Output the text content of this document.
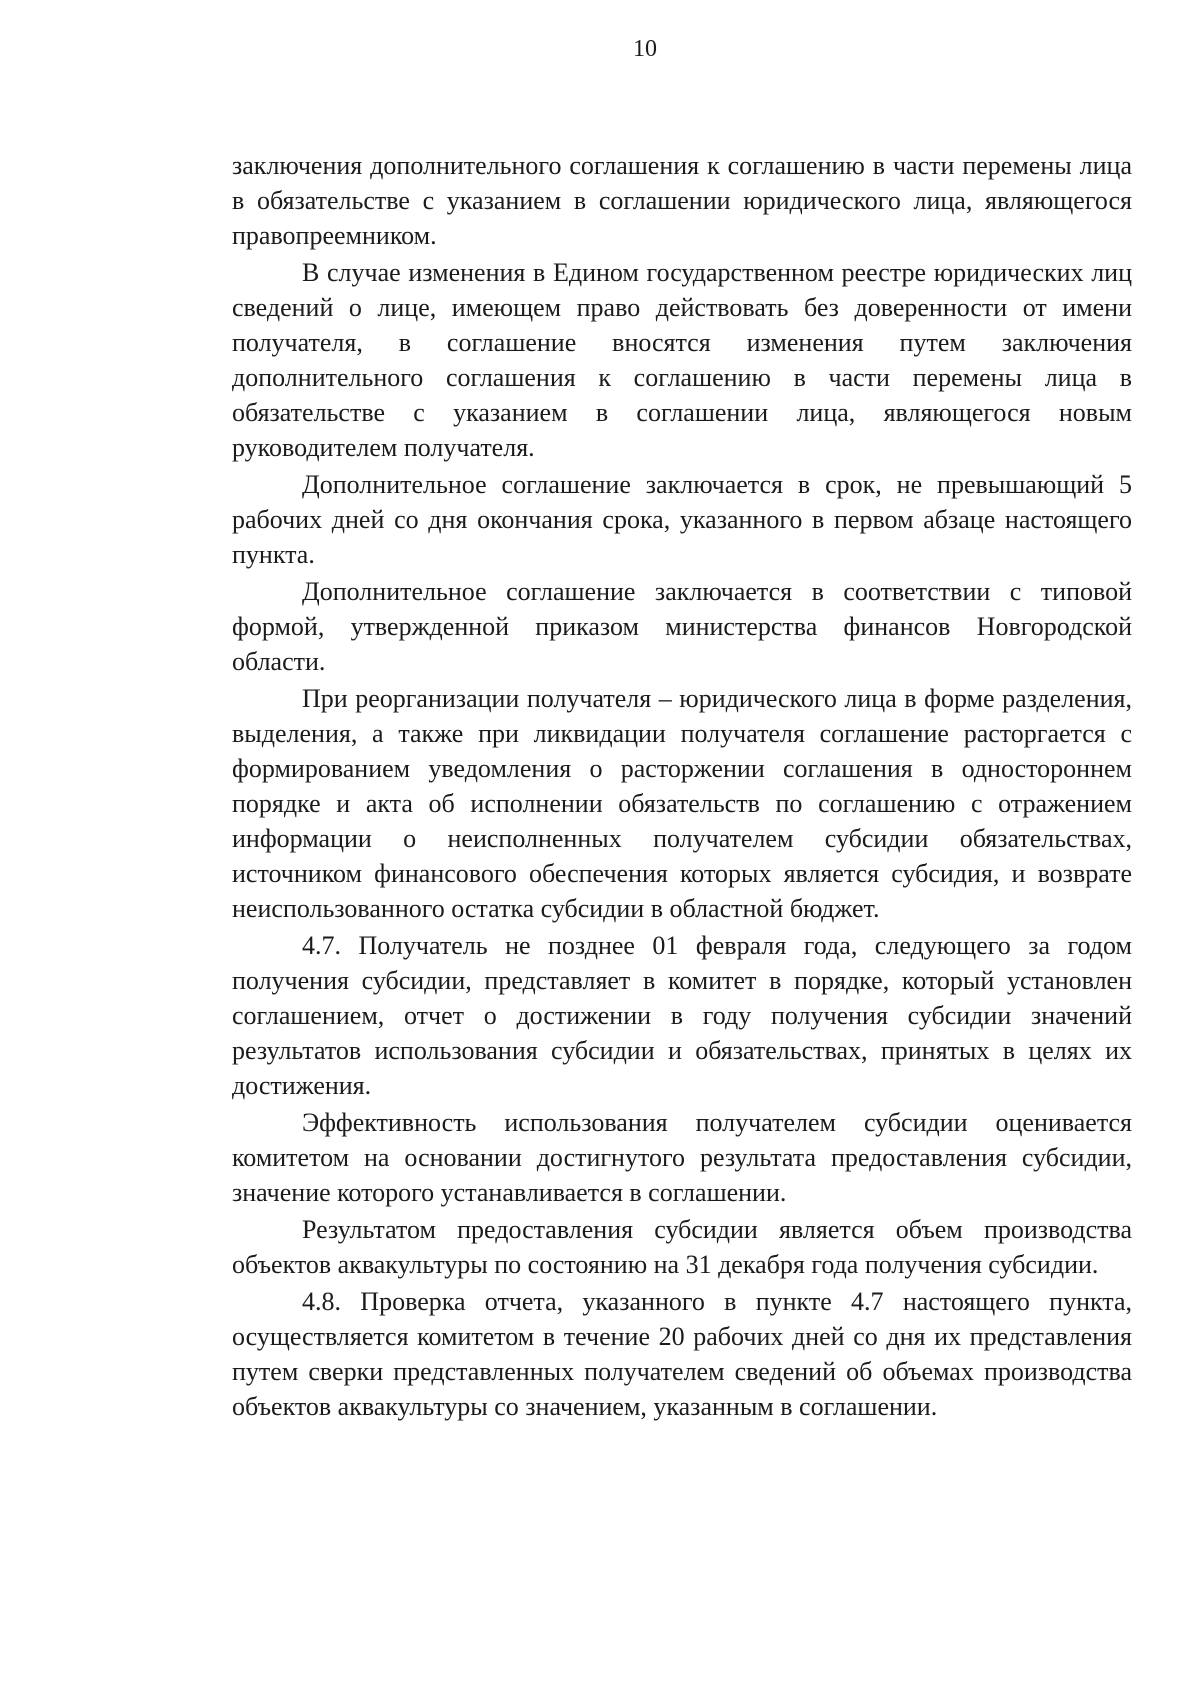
10

заключения дополнительного соглашения к соглашению в части перемены лица в обязательстве с указанием в соглашении юридического лица, являющегося правопреемником.

В случае изменения в Едином государственном реестре юридических лиц сведений о лице, имеющем право действовать без доверенности от имени получателя, в соглашение вносятся изменения путем заключения дополнительного соглашения к соглашению в части перемены лица в обязательстве с указанием в соглашении лица, являющегося новым руководителем получателя.

Дополнительное соглашение заключается в срок, не превышающий 5 рабочих дней со дня окончания срока, указанного в первом абзаце настоящего пункта.

Дополнительное соглашение заключается в соответствии с типовой формой, утвержденной приказом министерства финансов Новгородской области.

При реорганизации получателя – юридического лица в форме разделения, выделения, а также при ликвидации получателя соглашение расторгается с формированием уведомления о расторжении соглашения в одностороннем порядке и акта об исполнении обязательств по соглашению с отражением информации о неисполненных получателем субсидии обязательствах, источником финансового обеспечения которых является субсидия, и возврате неиспользованного остатка субсидии в областной бюджет.

4.7. Получатель не позднее 01 февраля года, следующего за годом получения субсидии, представляет в комитет в порядке, который установлен соглашением, отчет о достижении в году получения субсидии значений результатов использования субсидии и обязательствах, принятых в целях их достижения.

Эффективность использования получателем субсидии оценивается комитетом на основании достигнутого результата предоставления субсидии, значение которого устанавливается в соглашении.

Результатом предоставления субсидии является объем производства объектов аквакультуры по состоянию на 31 декабря года получения субсидии.

4.8. Проверка отчета, указанного в пункте 4.7 настоящего пункта, осуществляется комитетом в течение 20 рабочих дней со дня их представления путем сверки представленных получателем сведений об объемах производства объектов аквакультуры со значением, указанным в соглашении.
